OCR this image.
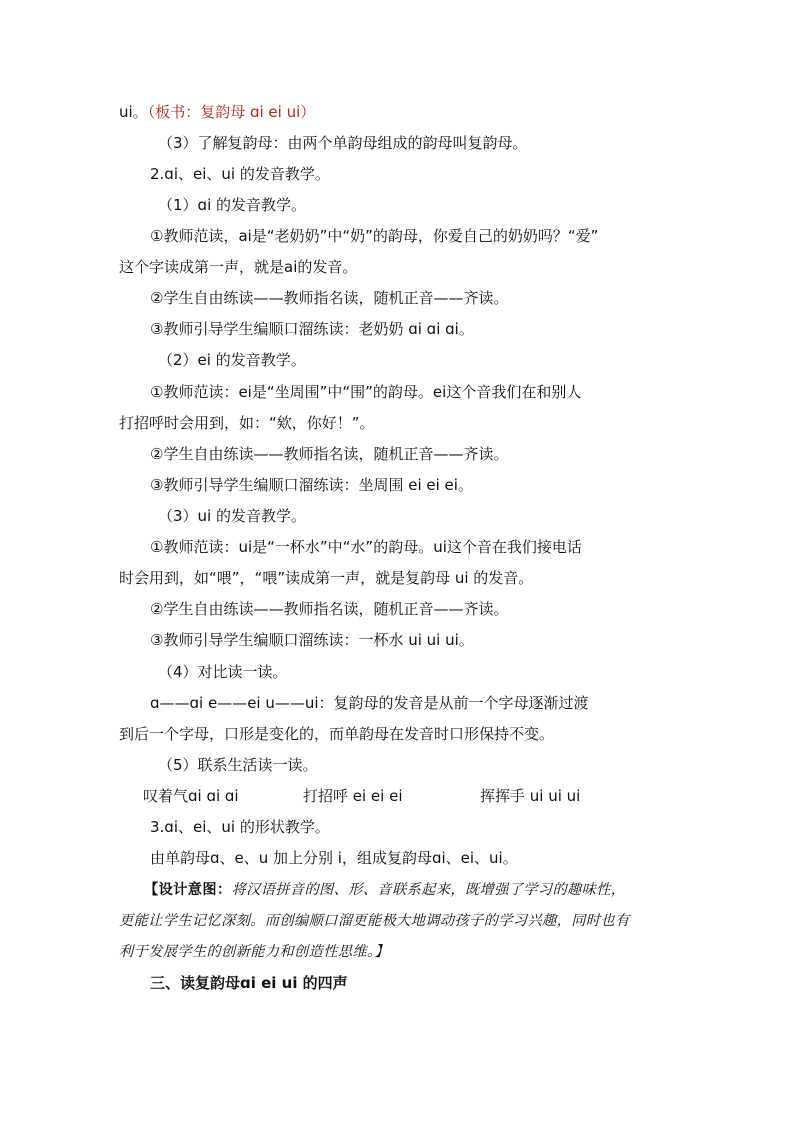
ui。（板书：复韵母 ɑi ei ui）
（3）了解复韵母：由两个单韵母组成的韵母叫复韵母。
2.ɑi、ei、ui 的发音教学。
（1）ɑi 的发音教学。
①教师范读，ai是“老奶奶”中“奶”的韵母，你爱自己的奶奶吗？“爱”
这个字读成第一声，就是ai的发音。
②学生自由练读——教师指名读，随机正音——齐读。
③教师引导学生编顺口溜练读：老奶奶 ɑi ɑi ɑi。
（2）ei 的发音教学。
①教师范读：ei是“坐周围”中“围”的韵母。ei这个音我们在和别人
打招呼时会用到，如：“欸，你好！”。
②学生自由练读——教师指名读，随机正音——齐读。
③教师引导学生编顺口溜练读：坐周围 ei ei ei。
（3）ui 的发音教学。
①教师范读：ui是“一杯水”中“水”的韵母。ui这个音在我们接电话
时会用到，如“喂”，“喂”读成第一声，就是复韵母 ui 的发音。
②学生自由练读——教师指名读，随机正音——齐读。
③教师引导学生编顺口溜练读：一杯水 ui ui ui。
（4）对比读一读。
ɑ——ɑi e——ei u——ui：复韵母的发音是从前一个字母逐渐过渡
到后一个字母，口形是变化的，而单韵母在发音时口形保持不变。
（5）联系生活读一读。
叹着气ɑi ɑi ɑi	打招呼 ei ei ei	挥挥手 ui ui ui
3.ɑi、ei、ui 的形状教学。
由单韵母ɑ、e、u 加上分别 i，组成复韵母ɑi、ei、ui。
【设计意图：将汉语拼音的图、形、音联系起来，既增强了学习的趣味性，
更能让学生记忆深刻。而创编顺口溜更能极大地调动孩子的学习兴趣，同时也有
利于发展学生的创新能力和创造性思维。】
三、读复韵母ɑi ei ui 的四声
